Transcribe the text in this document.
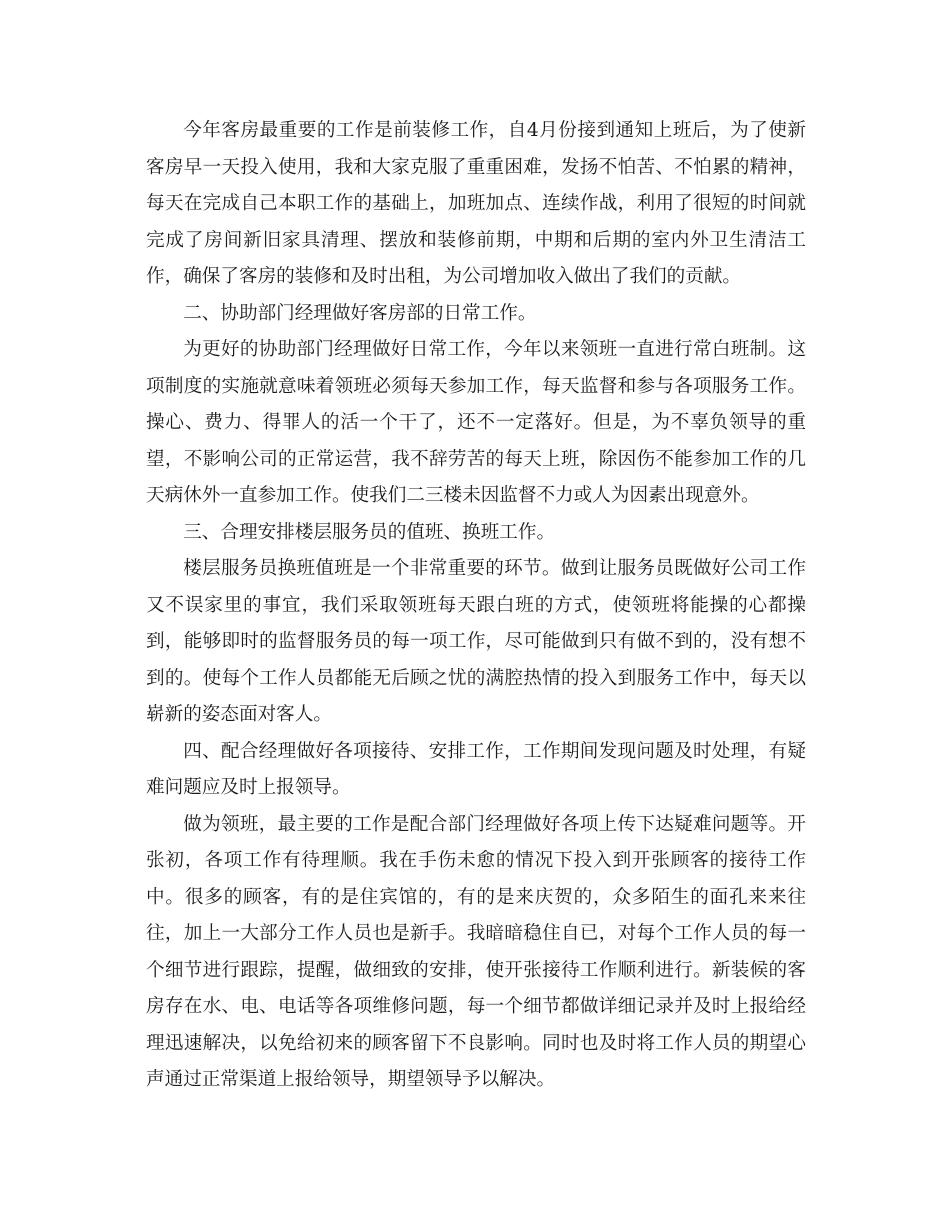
今年客房最重要的工作是前装修工作，自4月份接到通知上班后，为了使新客房早一天投入使用，我和大家克服了重重困难，发扬不怕苦、不怕累的精神，每天在完成自己本职工作的基础上，加班加点、连续作战，利用了很短的时间就完成了房间新旧家具清理、摆放和装修前期，中期和后期的室内外卫生清洁工作，确保了客房的装修和及时出租，为公司增加收入做出了我们的贡献。

二、协助部门经理做好客房部的日常工作。

为更好的协助部门经理做好日常工作，今年以来领班一直进行常白班制。这项制度的实施就意味着领班必须每天参加工作，每天监督和参与各项服务工作。操心、费力、得罪人的活一个干了，还不一定落好。但是，为不辜负领导的重望，不影响公司的正常运营，我不辞劳苦的每天上班，除因伤不能参加工作的几天病休外一直参加工作。使我们二三楼未因监督不力或人为因素出现意外。

三、合理安排楼层服务员的值班、换班工作。

楼层服务员换班值班是一个非常重要的环节。做到让服务员既做好公司工作又不误家里的事宜，我们采取领班每天跟白班的方式，使领班将能操的心都操到，能够即时的监督服务员的每一项工作，尽可能做到只有做不到的，没有想不到的。使每个工作人员都能无后顾之忧的满腔热情的投入到服务工作中，每天以崭新的姿态面对客人。

四、配合经理做好各项接待、安排工作，工作期间发现问题及时处理，有疑难问题应及时上报领导。

做为领班，最主要的工作是配合部门经理做好各项上传下达疑难问题等。开张初，各项工作有待理顺。我在手伤未愈的情况下投入到开张顾客的接待工作中。很多的顾客，有的是住宾馆的，有的是来庆贺的，众多陌生的面孔来来往往，加上一大部分工作人员也是新手。我暗暗稳住自已，对每个工作人员的每一个细节进行跟踪，提醒，做细致的安排，使开张接待工作顺利进行。新装候的客房存在水、电、电话等各项维修问题，每一个细节都做详细记录并及时上报给经理迅速解决，以免给初来的顾客留下不良影响。同时也及时将工作人员的期望心声通过正常渠道上报给领导，期望领导予以解决。
